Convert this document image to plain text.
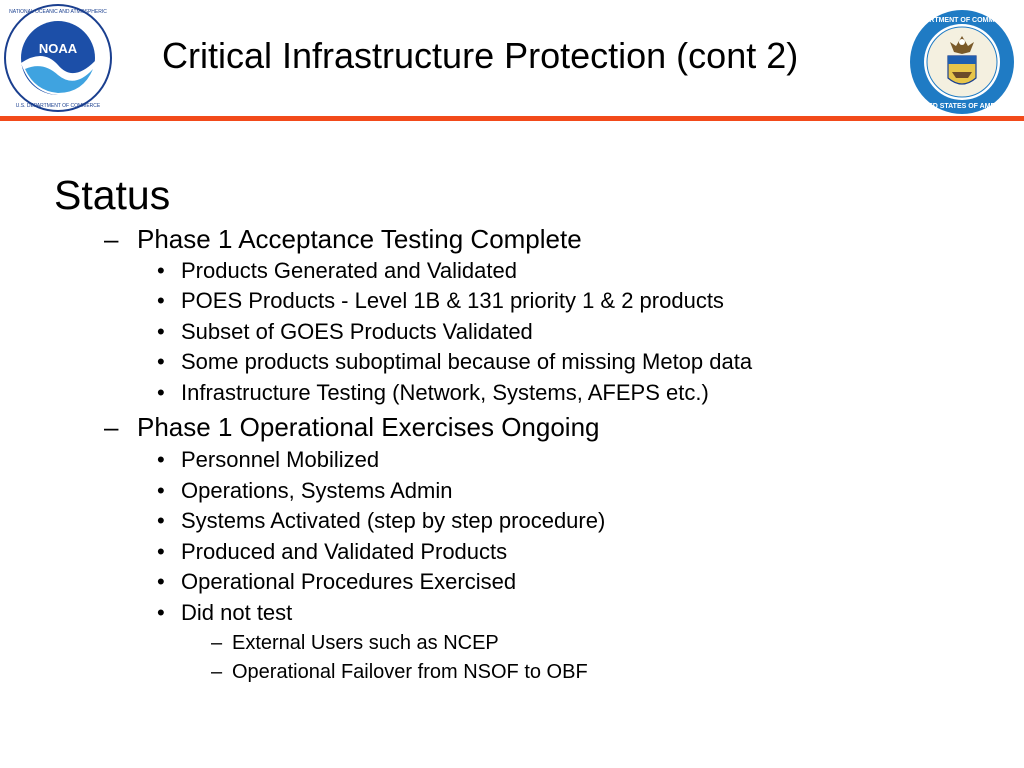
NOAA
NATIONAL OCEANIC AND ATMOSPHERIC
U.S. DEPARTMENT OF COMMERCE
Critical Infrastructure Protection (cont 2)
DEPARTMENT OF COMMERCE
UNITED STATES OF AMERICA
Status
– Phase 1 Acceptance Testing Complete
• Products Generated and Validated
• POES Products - Level 1B & 131 priority 1 & 2 products
• Subset of GOES Products Validated
• Some products suboptimal because of missing Metop data
• Infrastructure Testing (Network, Systems, AFEPS etc.)
– Phase 1 Operational Exercises Ongoing
• Personnel Mobilized
• Operations, Systems Admin
• Systems Activated (step by step procedure)
• Produced and Validated Products
• Operational Procedures Exercised
• Did not test
– External Users such as NCEP
– Operational Failover from NSOF to OBF
